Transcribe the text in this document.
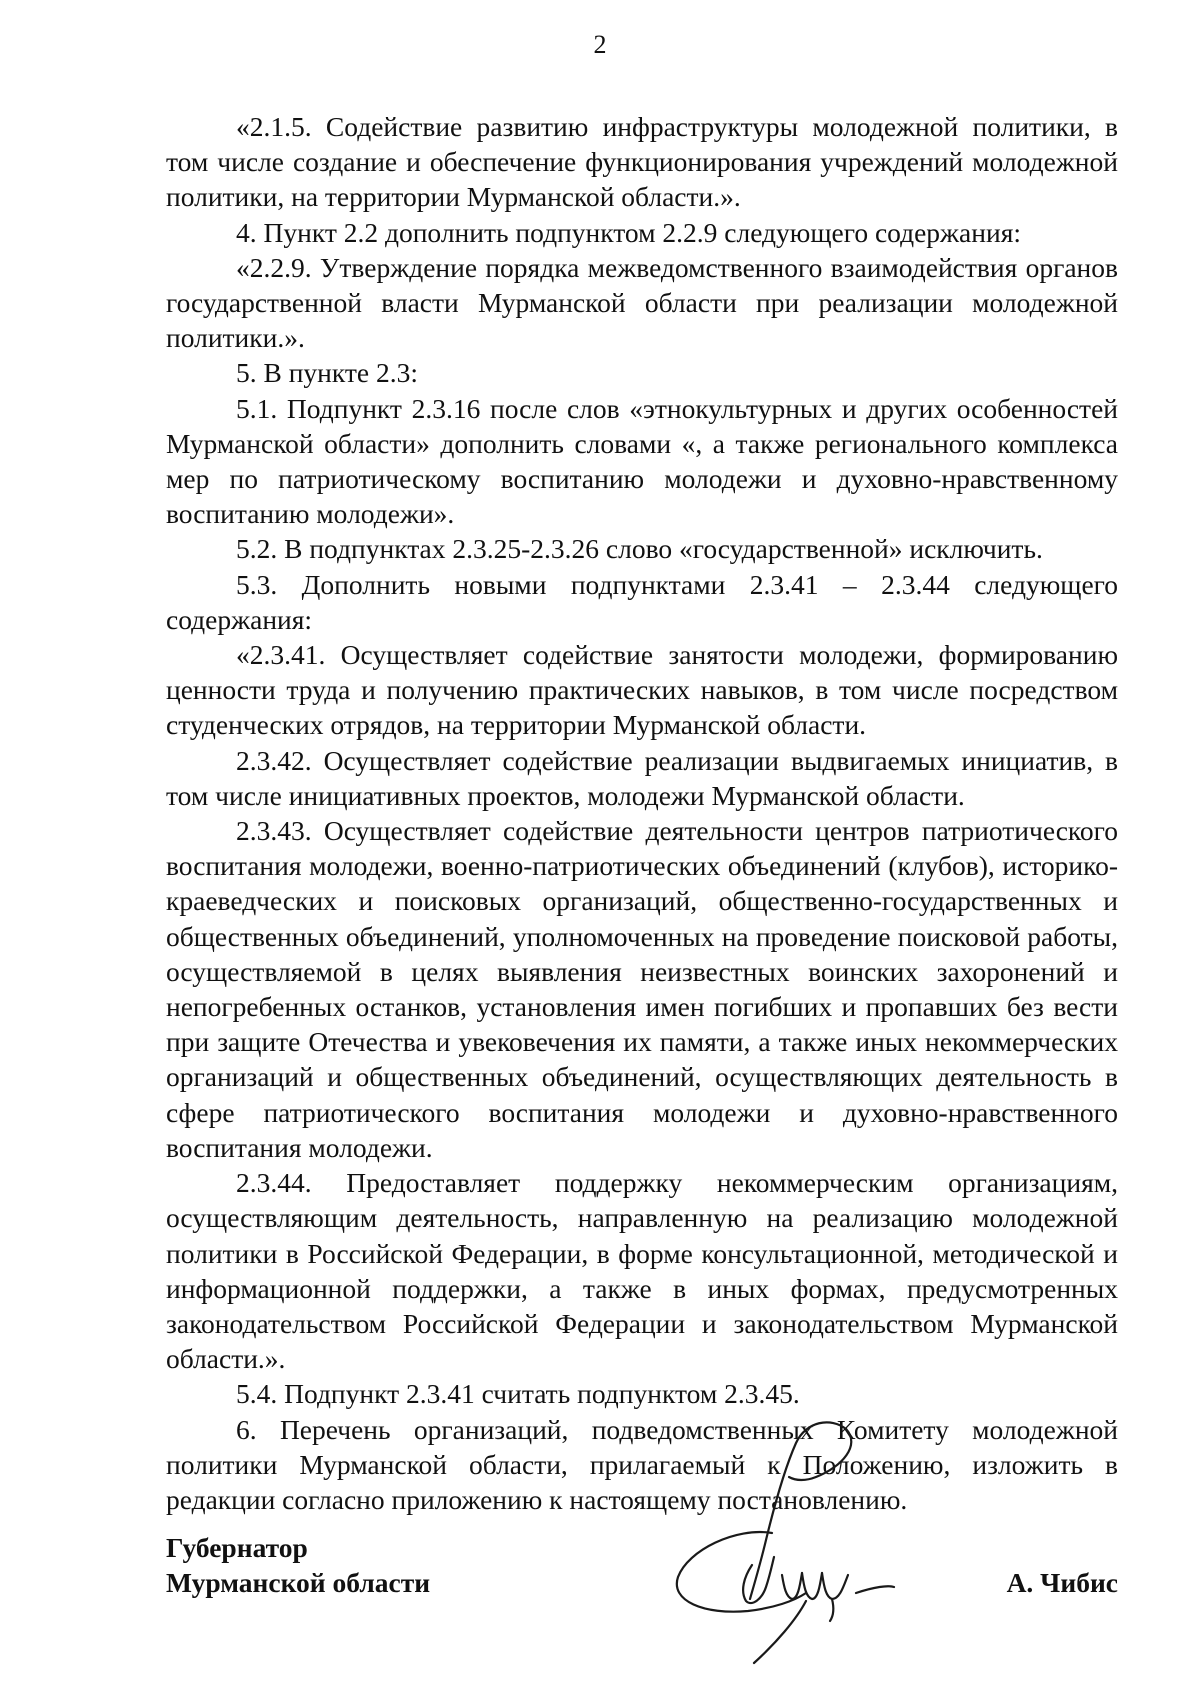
2

«2.1.5. Содействие развитию инфраструктуры молодежной политики, в том числе создание и обеспечение функционирования учреждений молодежной политики, на территории Мурманской области.».

4. Пункт 2.2 дополнить подпунктом 2.2.9 следующего содержания:

«2.2.9. Утверждение порядка межведомственного взаимодействия органов государственной власти Мурманской области при реализации молодежной политики.».

5. В пункте 2.3:

5.1. Подпункт 2.3.16 после слов «этнокультурных и других особенностей Мурманской области» дополнить словами «, а также регионального комплекса мер по патриотическому воспитанию молодежи и духовно-нравственному воспитанию молодежи».

5.2. В подпунктах 2.3.25-2.3.26 слово «государственной» исключить.

5.3. Дополнить новыми подпунктами 2.3.41 – 2.3.44 следующего содержания:

«2.3.41. Осуществляет содействие занятости молодежи, формированию ценности труда и получению практических навыков, в том числе посредством студенческих отрядов, на территории Мурманской области.

2.3.42. Осуществляет содействие реализации выдвигаемых инициатив, в том числе инициативных проектов, молодежи Мурманской области.

2.3.43. Осуществляет содействие деятельности центров патриотического воспитания молодежи, военно-патриотических объединений (клубов), историко-краеведческих и поисковых организаций, общественно-государственных и общественных объединений, уполномоченных на проведение поисковой работы, осуществляемой в целях выявления неизвестных воинских захоронений и непогребенных останков, установления имен погибших и пропавших без вести при защите Отечества и увековечения их памяти, а также иных некоммерческих организаций и общественных объединений, осуществляющих деятельность в сфере патриотического воспитания молодежи и духовно-нравственного воспитания молодежи.

2.3.44. Предоставляет поддержку некоммерческим организациям, осуществляющим деятельность, направленную на реализацию молодежной политики в Российской Федерации, в форме консультационной, методической и информационной поддержки, а также в иных формах, предусмотренных законодательством Российской Федерации и законодательством Мурманской области.».

5.4. Подпункт 2.3.41 считать подпунктом 2.3.45.

6. Перечень организаций, подведомственных Комитету молодежной политики Мурманской области, прилагаемый к Положению, изложить в редакции согласно приложению к настоящему постановлению.

Губернатор
Мурманской области	А. Чибис
